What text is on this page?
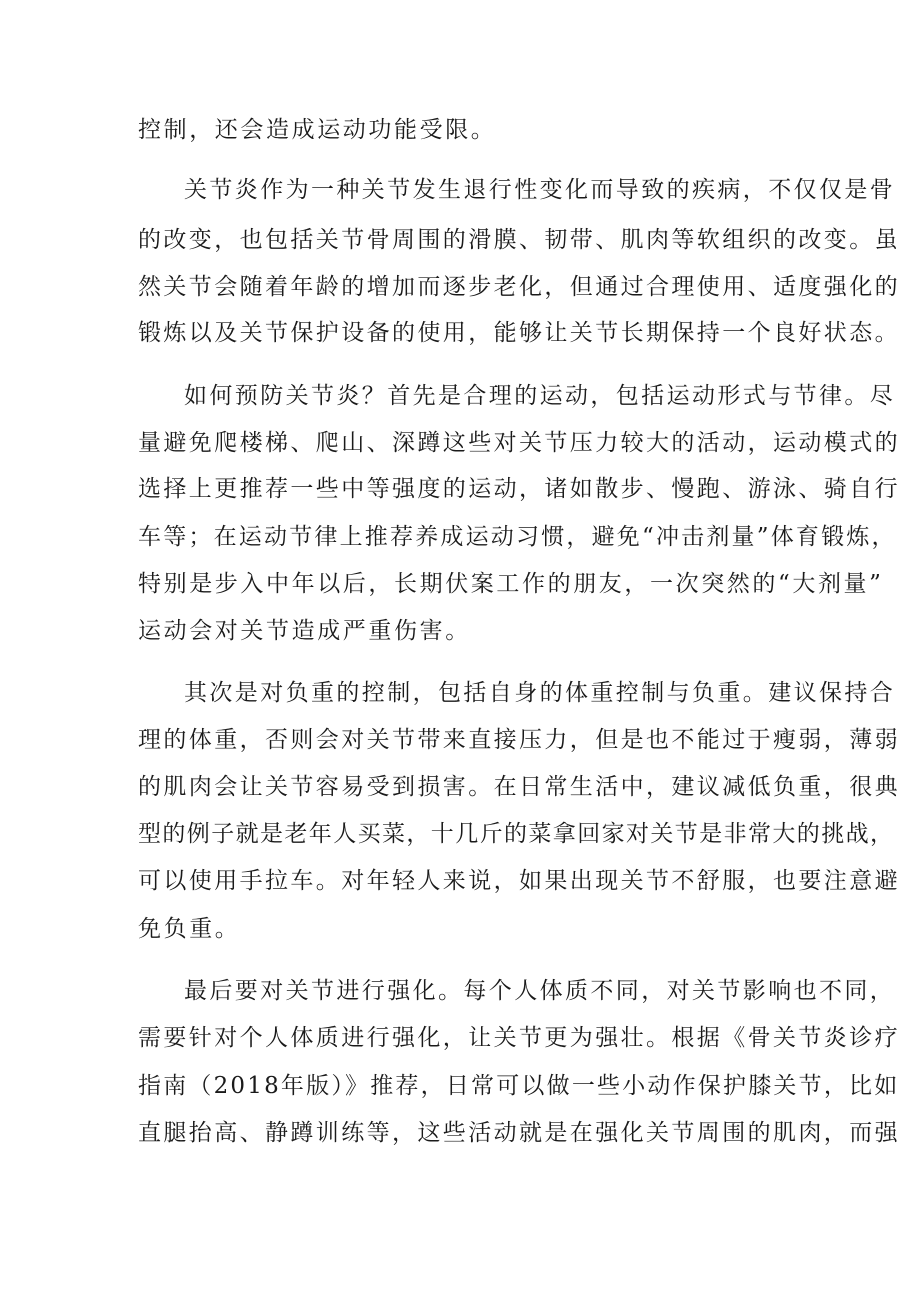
控制，还会造成运动功能受限。
关节炎作为一种关节发生退行性变化而导致的疾病，不仅仅是骨
的改变，也包括关节骨周围的滑膜、韧带、肌肉等软组织的改变。虽
然关节会随着年龄的增加而逐步老化，但通过合理使用、适度强化的
锻炼以及关节保护设备的使用，能够让关节长期保持一个良好状态。
如何预防关节炎？首先是合理的运动，包括运动形式与节律。尽
量避免爬楼梯、爬山、深蹲这些对关节压力较大的活动，运动模式的
选择上更推荐一些中等强度的运动，诸如散步、慢跑、游泳、骑自行
车等；在运动节律上推荐养成运动习惯，避免“冲击剂量”体育锻炼，
特别是步入中年以后，长期伏案工作的朋友，一次突然的“大剂量”
运动会对关节造成严重伤害。
其次是对负重的控制，包括自身的体重控制与负重。建议保持合
理的体重，否则会对关节带来直接压力，但是也不能过于瘦弱，薄弱
的肌肉会让关节容易受到损害。在日常生活中，建议减低负重，很典
型的例子就是老年人买菜，十几斤的菜拿回家对关节是非常大的挑战，
可以使用手拉车。对年轻人来说，如果出现关节不舒服，也要注意避
免负重。
最后要对关节进行强化。每个人体质不同，对关节影响也不同，
需要针对个人体质进行强化，让关节更为强壮。根据《骨关节炎诊疗
指南（2018年版）》推荐，日常可以做一些小动作保护膝关节，比如
直腿抬高、静蹲训练等，这些活动就是在强化关节周围的肌肉，而强
